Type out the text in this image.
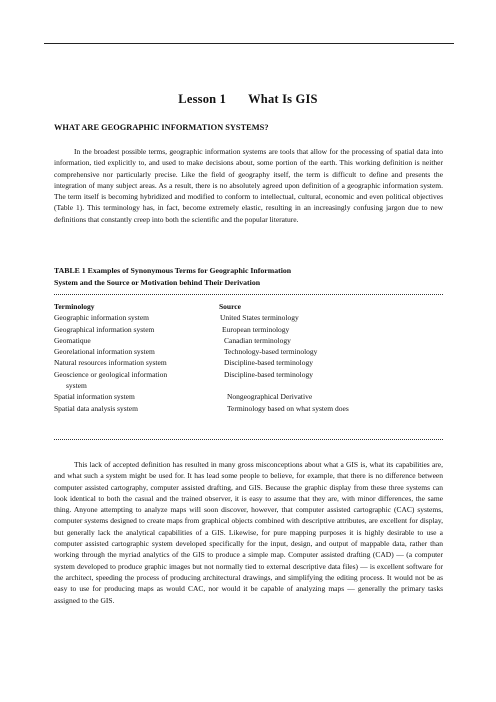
Lesson 1 What Is GIS
WHAT ARE GEOGRAPHIC INFORMATION SYSTEMS?

In the broadest possible terms, geographic information systems are tools that allow for the processing of spatial data into information, tied explicitly to, and used to make decisions about, some portion of the earth. This working definition is neither comprehensive nor particularly precise. Like the field of geography itself, the term is difficult to define and presents the integration of many subject areas. As a result, there is no absolutely agreed upon definition of a geographic information system. The term itself is becoming hybridized and modified to conform to intellectual, cultural, economic and even political objectives (Table 1). This terminology has, in fact, become extremely elastic, resulting in an increasingly confusing jargon due to new definitions that constantly creep into both the scientific and the popular literature.

TABLE 1 Examples of Synonymous Terms for Geographic Information
System and the Source or Motivation behind Their Derivation
Terminology	Source
Geographic information system	United States terminology
Geographical information system	European terminology
Geomatique	Canadian terminology
Georelational information system	Technology-based terminology
Natural resources information system	Discipline-based terminology
Geoscience or geological information	Discipline-based terminology
system
Spatial information system	Nongeographical Derivative
Spatial data analysis system	Terminology based on what system does

This lack of accepted definition has resulted in many gross misconceptions about what a GIS is, what its capabilities are, and what such a system might be used for. It has lead some people to believe, for example, that there is no difference between computer assisted cartography, computer assisted drafting, and GIS. Because the graphic display from these three systems can look identical to both the casual and the trained observer, it is easy to assume that they are, with minor differences, the same thing. Anyone attempting to analyze maps will soon discover, however, that computer assisted cartographic (CAC) systems, computer systems designed to create maps from graphical objects combined with descriptive attributes, are excellent for display, but generally lack the analytical capabilities of a GIS. Likewise, for pure mapping purposes it is highly desirable to use a computer assisted cartographic system developed specifically for the input, design, and output of mappable data, rather than working through the myriad analytics of the GIS to produce a simple map. Computer assisted drafting (CAD) — (a computer system developed to produce graphic images but not normally tied to external descriptive data files) — is excellent software for the architect, speeding the process of producing architectural drawings, and simplifying the editing process. It would not be as easy to use for producing maps as would CAC, nor would it be capable of analyzing maps — generally the primary tasks assigned to the GIS.
